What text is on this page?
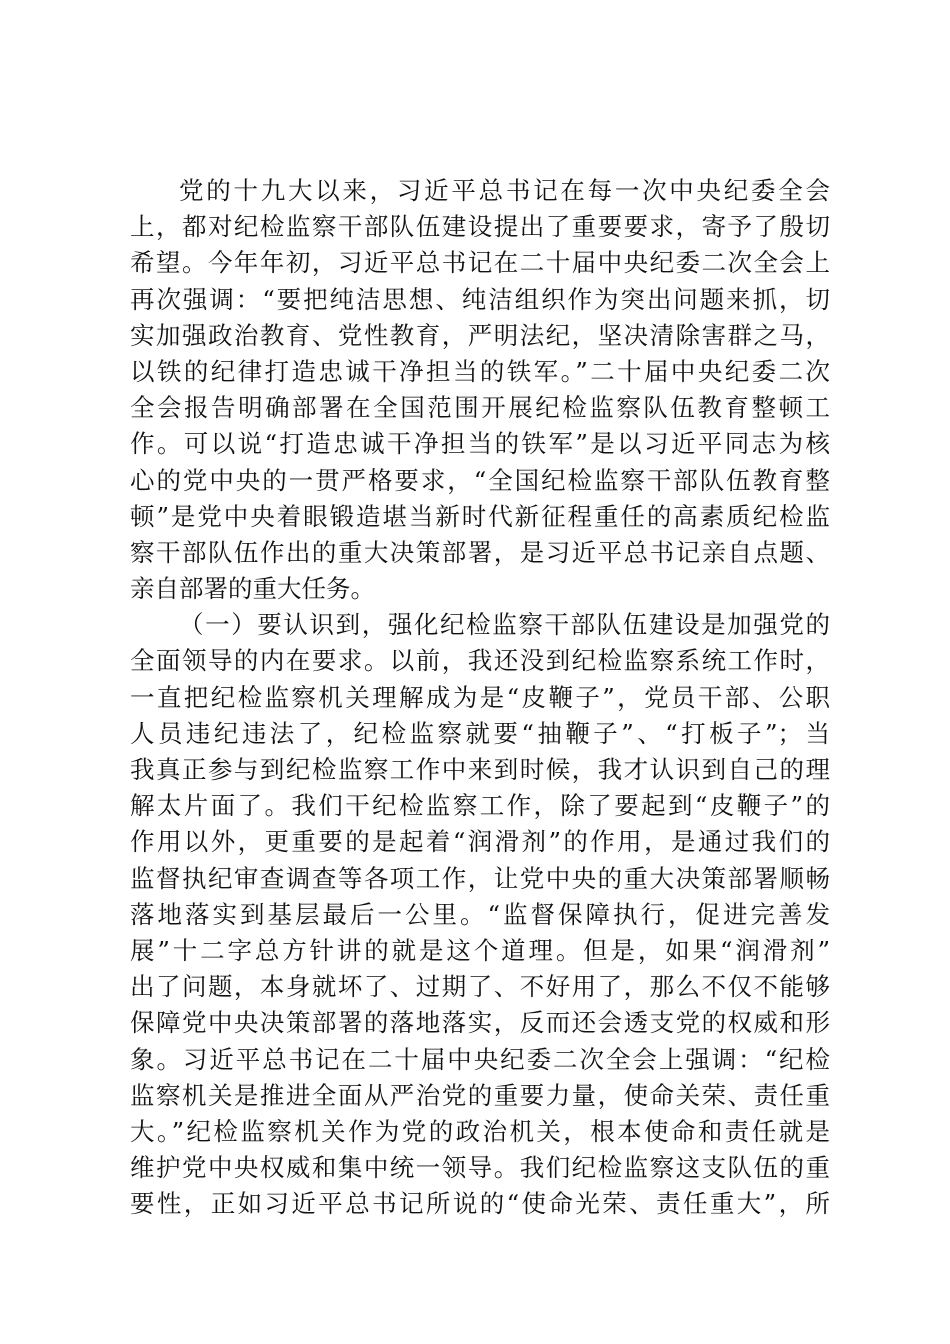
党的十九大以来，习近平总书记在每一次中央纪委全会
上，都对纪检监察干部队伍建设提出了重要要求，寄予了殷切
希望。今年年初，习近平总书记在二十届中央纪委二次全会上
再次强调：“要把纯洁思想、纯洁组织作为突出问题来抓，切
实加强政治教育、党性教育，严明法纪，坚决清除害群之马，
以铁的纪律打造忠诚干净担当的铁军。”二十届中央纪委二次
全会报告明确部署在全国范围开展纪检监察队伍教育整顿工
作。可以说“打造忠诚干净担当的铁军”是以习近平同志为核
心的党中央的一贯严格要求，“全国纪检监察干部队伍教育整
顿”是党中央着眼锻造堪当新时代新征程重任的高素质纪检监
察干部队伍作出的重大决策部署，是习近平总书记亲自点题、
亲自部署的重大任务。
（一）要认识到，强化纪检监察干部队伍建设是加强党的
全面领导的内在要求。以前，我还没到纪检监察系统工作时，
一直把纪检监察机关理解成为是“皮鞭子”，党员干部、公职
人员违纪违法了，纪检监察就要“抽鞭子”、“打板子”；当
我真正参与到纪检监察工作中来到时候，我才认识到自己的理
解太片面了。我们干纪检监察工作，除了要起到“皮鞭子”的
作用以外，更重要的是起着“润滑剂”的作用，是通过我们的
监督执纪审查调查等各项工作，让党中央的重大决策部署顺畅
落地落实到基层最后一公里。“监督保障执行，促进完善发
展”十二字总方针讲的就是这个道理。但是，如果“润滑剂”
出了问题，本身就坏了、过期了、不好用了，那么不仅不能够
保障党中央决策部署的落地落实，反而还会透支党的权威和形
象。习近平总书记在二十届中央纪委二次全会上强调：“纪检
监察机关是推进全面从严治党的重要力量，使命关荣、责任重
大。”纪检监察机关作为党的政治机关，根本使命和责任就是
维护党中央权威和集中统一领导。我们纪检监察这支队伍的重
要性，正如习近平总书记所说的“使命光荣、责任重大”，所
